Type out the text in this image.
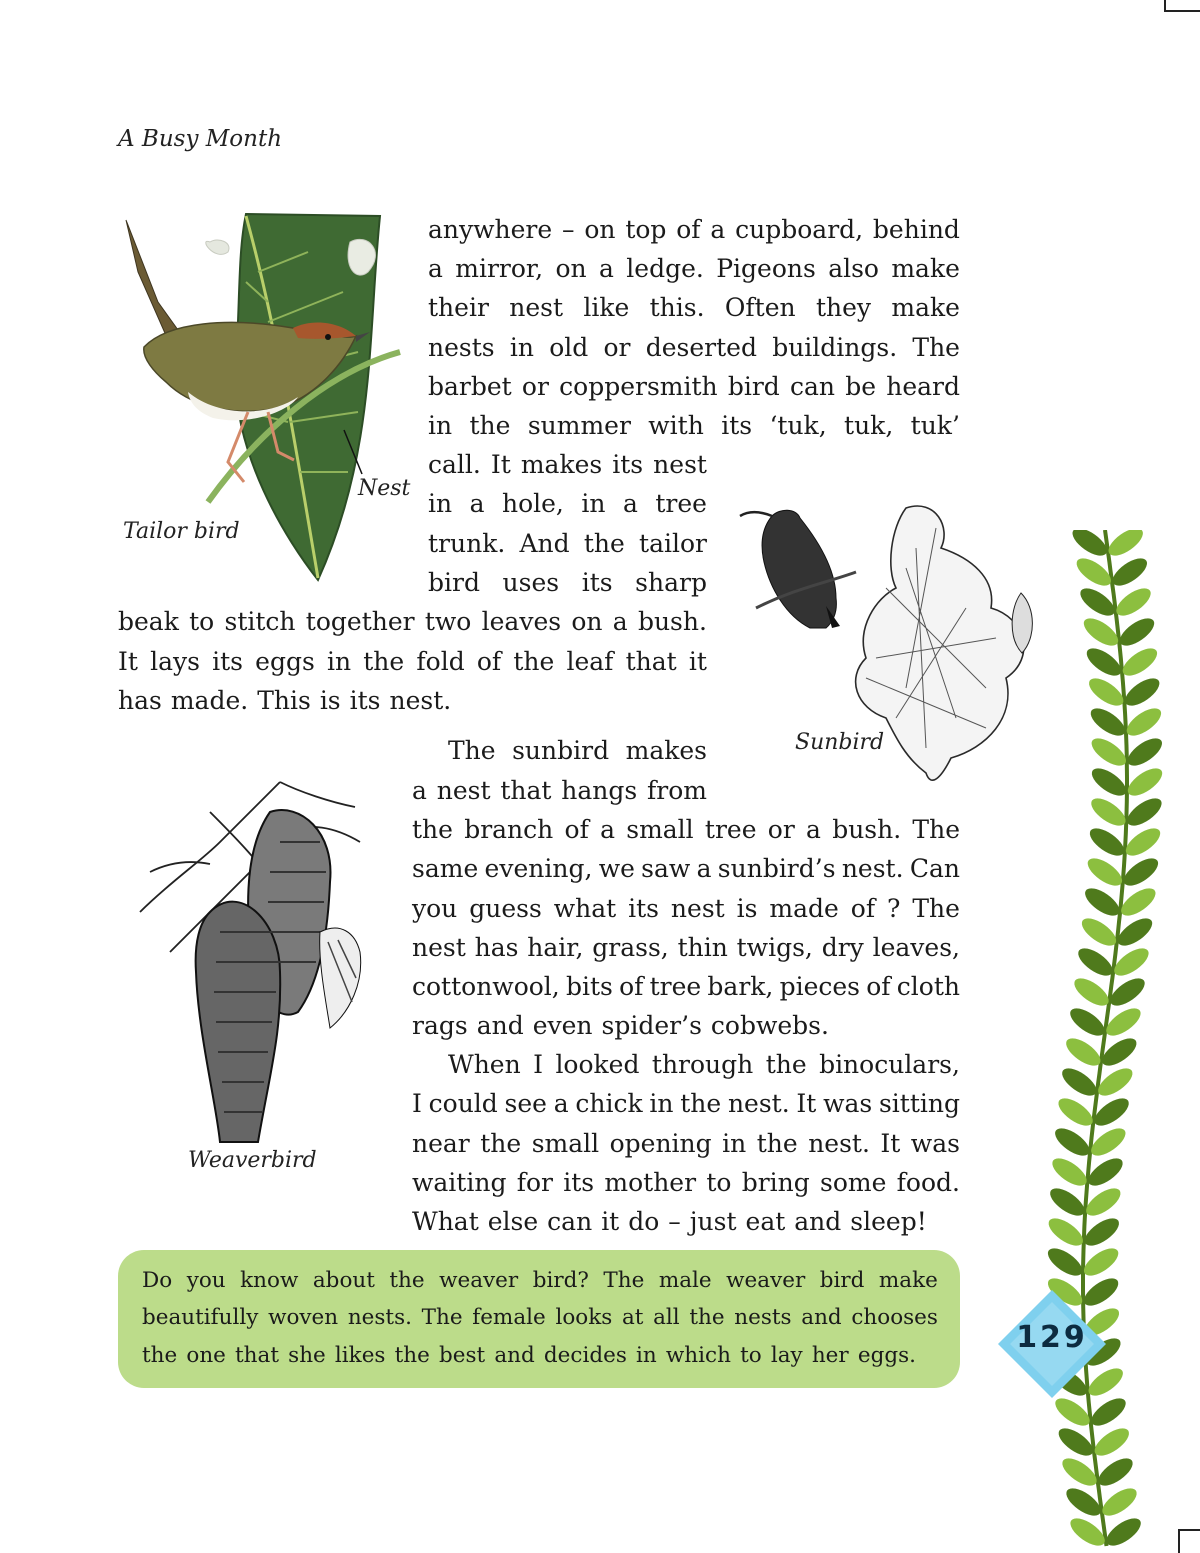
A Busy Month
Nest
Tailor bird
Sunbird
Weaverbird

anywhere – on top of a cupboard, behind

a mirror, on a ledge. Pigeons also make

their nest like this. Often they make

nests in old or deserted buildings. The

barbet or coppersmith bird can be heard

in the summer with its ‘tuk, tuk, tuk’

call. It makes its nest

in a hole, in a tree

trunk. And the tailor

bird uses its sharp

beak to stitch together two leaves on a bush.

It lays its eggs in the fold of the leaf that it

has made. This is its nest.

The sunbird makes

a nest that hangs from

the branch of a small tree or a bush. The

same evening, we saw a sunbird’s nest. Can

you guess what its nest is made of ? The

nest has hair, grass, thin twigs, dry leaves,

cottonwool, bits of tree bark, pieces of cloth

rags and even spider’s cobwebs.

When I looked through the binoculars,

I could see a chick in the nest. It was sitting

near the small opening in the nest. It was

waiting for its mother to bring some food.

What else can it do – just eat and sleep!

Do you know about the weaver bird? The male weaver bird make

beautifully woven nests. The female looks at all the nests and chooses

the one that she likes the best and decides in which to lay her eggs.

129
